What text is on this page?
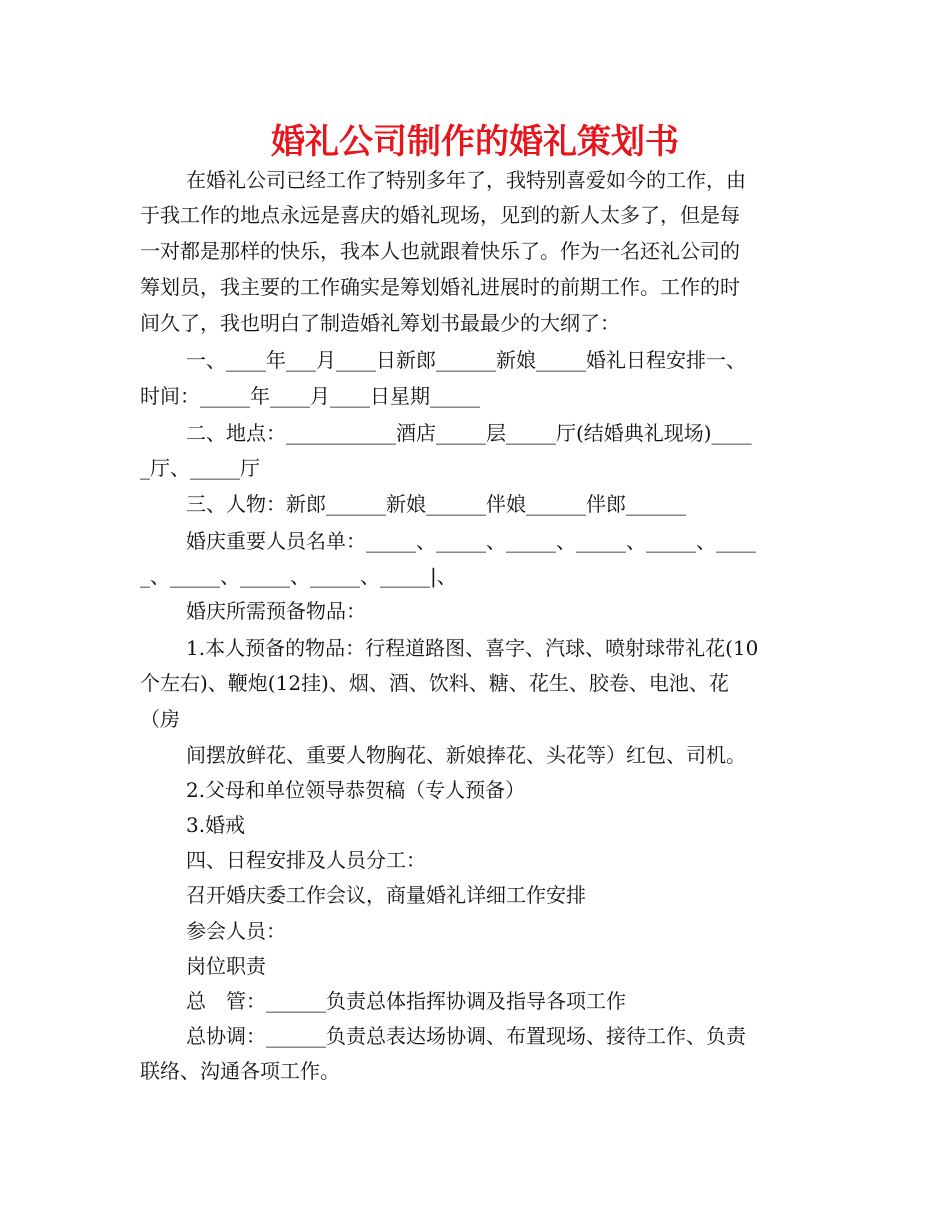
婚礼公司制作的婚礼策划书

在婚礼公司已经工作了特别多年了，我特别喜爱如今的工作，由

于我工作的地点永远是喜庆的婚礼现场，见到的新人太多了，但是每

一对都是那样的快乐，我本人也就跟着快乐了。作为一名还礼公司的

筹划员，我主要的工作确实是筹划婚礼进展时的前期工作。工作的时

间久了，我也明白了制造婚礼筹划书最最少的大纲了：

一、____年___月____日新郎______新娘_____婚礼日程安排一、

时间：_____年____月____日星期_____

二、地点：___________酒店_____层_____厅(结婚典礼现场)____

_厅、_____厅

三、人物：新郎______新娘______伴娘______伴郎______

婚庆重要人员名单：_____、_____、_____、_____、_____、____

_、_____、_____、_____、_____|、

婚庆所需预备物品：

1.本人预备的物品：行程道路图、喜字、汽球、喷射球带礼花(10

个左右)、鞭炮(12挂)、烟、酒、饮料、糖、花生、胶卷、电池、花

（房

间摆放鲜花、重要人物胸花、新娘捧花、头花等）红包、司机。

2.父母和单位领导恭贺稿（专人预备）

3.婚戒

四、日程安排及人员分工：

召开婚庆委工作会议，商量婚礼详细工作安排

参会人员：

岗位职责

总　管：______负责总体指挥协调及指导各项工作

总协调：______负责总表达场协调、布置现场、接待工作、负责

联络、沟通各项工作。
